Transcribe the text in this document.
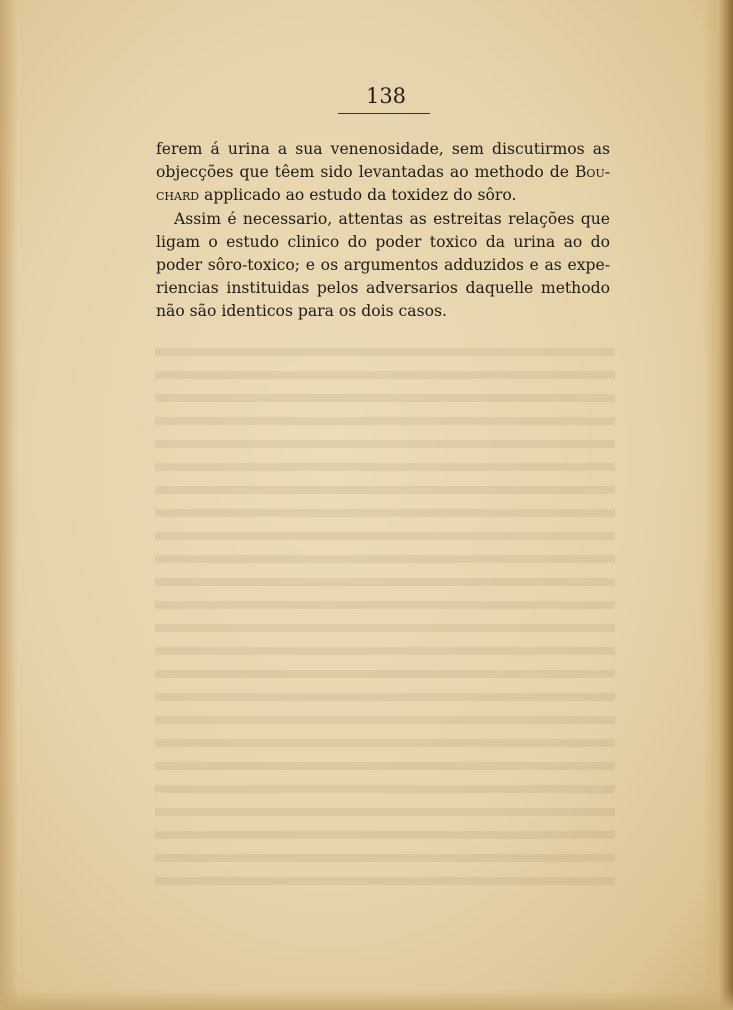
138
ferem á urina a sua venenosidade, sem discutirmos as
objecções que têem sido levantadas ao methodo de Bou-
chard applicado ao estudo da toxidez do sôro.
Assim é necessario, attentas as estreitas relações que
ligam o estudo clinico do poder toxico da urina ao do
poder sôro-toxico; e os argumentos adduzidos e as expe-
riencias instituidas pelos adversarios daquelle methodo
não são identicos para os dois casos.
